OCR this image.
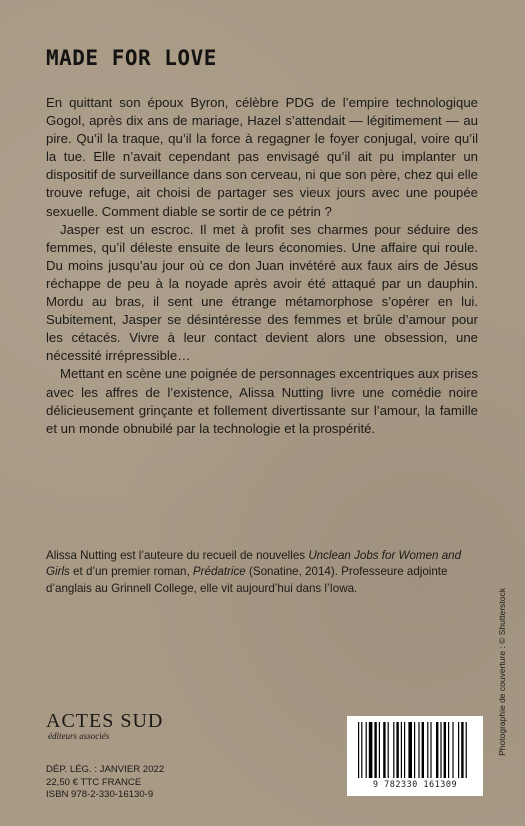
MADE FOR LOVE

En quittant son époux Byron, célèbre PDG de l’empire technologique Gogol, après dix ans de mariage, Hazel s’attendait — légitimement — au pire. Qu’il la traque, qu’il la force à regagner le foyer conjugal, voire qu’il la tue. Elle n’avait cependant pas envisagé qu’il ait pu implanter un dispositif de surveillance dans son cerveau, ni que son père, chez qui elle trouve refuge, ait choisi de partager ses vieux jours avec une poupée sexuelle. Comment diable se sortir de ce pétrin ?

Jasper est un escroc. Il met à profit ses charmes pour séduire des femmes, qu’il déleste ensuite de leurs économies. Une affaire qui roule. Du moins jusqu’au jour où ce don Juan invétéré aux faux airs de Jésus réchappe de peu à la noyade après avoir été attaqué par un dauphin. Mordu au bras, il sent une étrange métamorphose s’opérer en lui. Subitement, Jasper se désintéresse des femmes et brûle d’amour pour les cétacés. Vivre à leur contact devient alors une obsession, une nécessité irrépressible…

Mettant en scène une poignée de personnages excentriques aux prises avec les affres de l’existence, Alissa Nutting livre une comédie noire délicieusement grinçante et follement divertissante sur l’amour, la famille et un monde obnubilé par la technologie et la prospérité.

Alissa Nutting est l’auteure du recueil de nouvelles Unclean Jobs for Women and Girls et d’un premier roman, Prédatrice (Sonatine, 2014). Professeure adjointe d’anglais au Grinnell College, elle vit aujourd’hui dans l’Iowa.
ACTES SUD
éditeurs associés
DÉP. LÉG. : JANVIER 2022
22,50 € TTC FRANCE
ISBN 978-2-330-16130-9
9 782330 161309
Photographie de couverture : © Shutterstock
